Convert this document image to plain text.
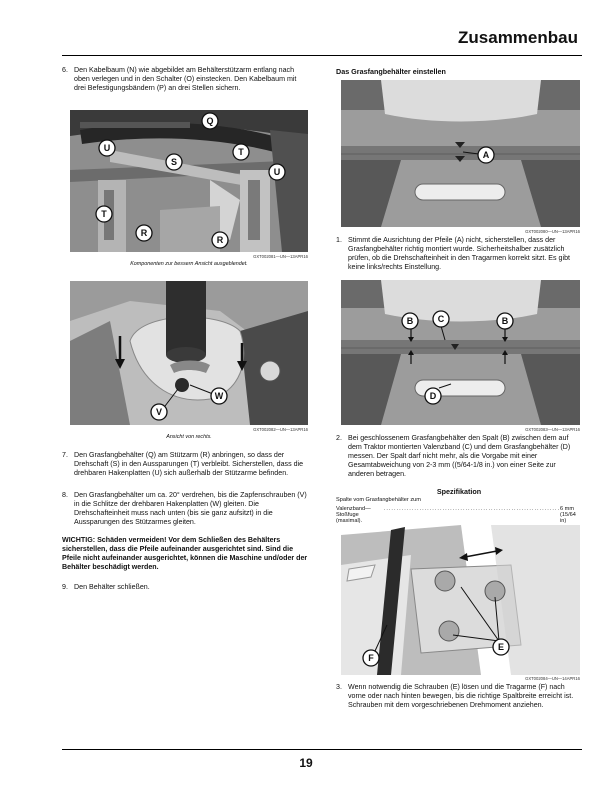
Zusammenbau
6. Den Kabelbaum (N) wie abgebildet am Behälterstützarm entlang nach oben verlegen und in den Schalter (O) einstecken. Den Kabelbaum mit drei Befestigungsbändern (P) an drei Stellen sichern.
Q
U
S
T
U
T
R
R
GXT002081—UN—13APR16
Komponenten zur bessern Ansicht ausgeblendet.
W
V
GXT002082—UN—13APR16
Ansicht von rechts.
7. Den Grasfangbehälter (Q) am Stützarm (R) anbringen, so dass der Drehschaft (S) in den Aussparungen (T) verbleibt. Sicherstellen, dass die drehbaren Hakenplatten (U) sich außerhalb der Stützarme befinden.
8. Den Grasfangbehälter um ca. 20° verdrehen, bis die Zapfenschrauben (V) in die Schlitze der drehbaren Hakenplatten (W) gleiten. Die Drehschafteinheit muss nach unten (bis sie ganz aufsitzt) in die Aussparungen des Stützarmes gleiten.
WICHTIG: Schäden vermeiden! Vor dem Schließen des Behälters sicherstellen, dass die Pfeile aufeinander ausgerichtet sind. Sind die Pfeile nicht aufeinander ausgerichtet, können die Maschine und/oder der Behälter beschädigt werden.
9. Den Behälter schließen.
Das Grasfangbehälter einstellen
A
GXT002080—UN—13APR16
1. Stimmt die Ausrichtung der Pfeile (A) nicht, sicherstellen, dass der Grasfangbehälter richtig montiert wurde. Sicherheitshalber zusätzlich prüfen, ob die Drehschafteinheit in den Tragarmen korrekt sitzt. Es gibt keine links/rechts Einstellung.
B	C	B
D
GXT002083—UN—13APR16
2. Bei geschlossenem Grasfangbehälter den Spalt (B) zwischen dem auf dem Traktor montierten Valenzband (C) und dem Grasfangbehälter (D) messen. Der Spalt darf nicht mehr, als die Vorgabe mit einer Gesamtabweichung von 2-3 mm ((5/64-1/8 in.) von einer Seite zur anderen betragen.
Spezifikation
Spalte vom Grasfangbehälter zum
Valenzband—Stoßfuge (maximal).
..................................................................... 6 mm (15/64 in)
E
F
GXT002084—UN—14APR16
3. Wenn notwendig die Schrauben (E) lösen und die Tragarme (F) nach vorne oder nach hinten bewegen, bis die richtige Spaltbreite erreicht ist. Schrauben mit dem vorgeschriebenen Drehmoment anziehen.
19
